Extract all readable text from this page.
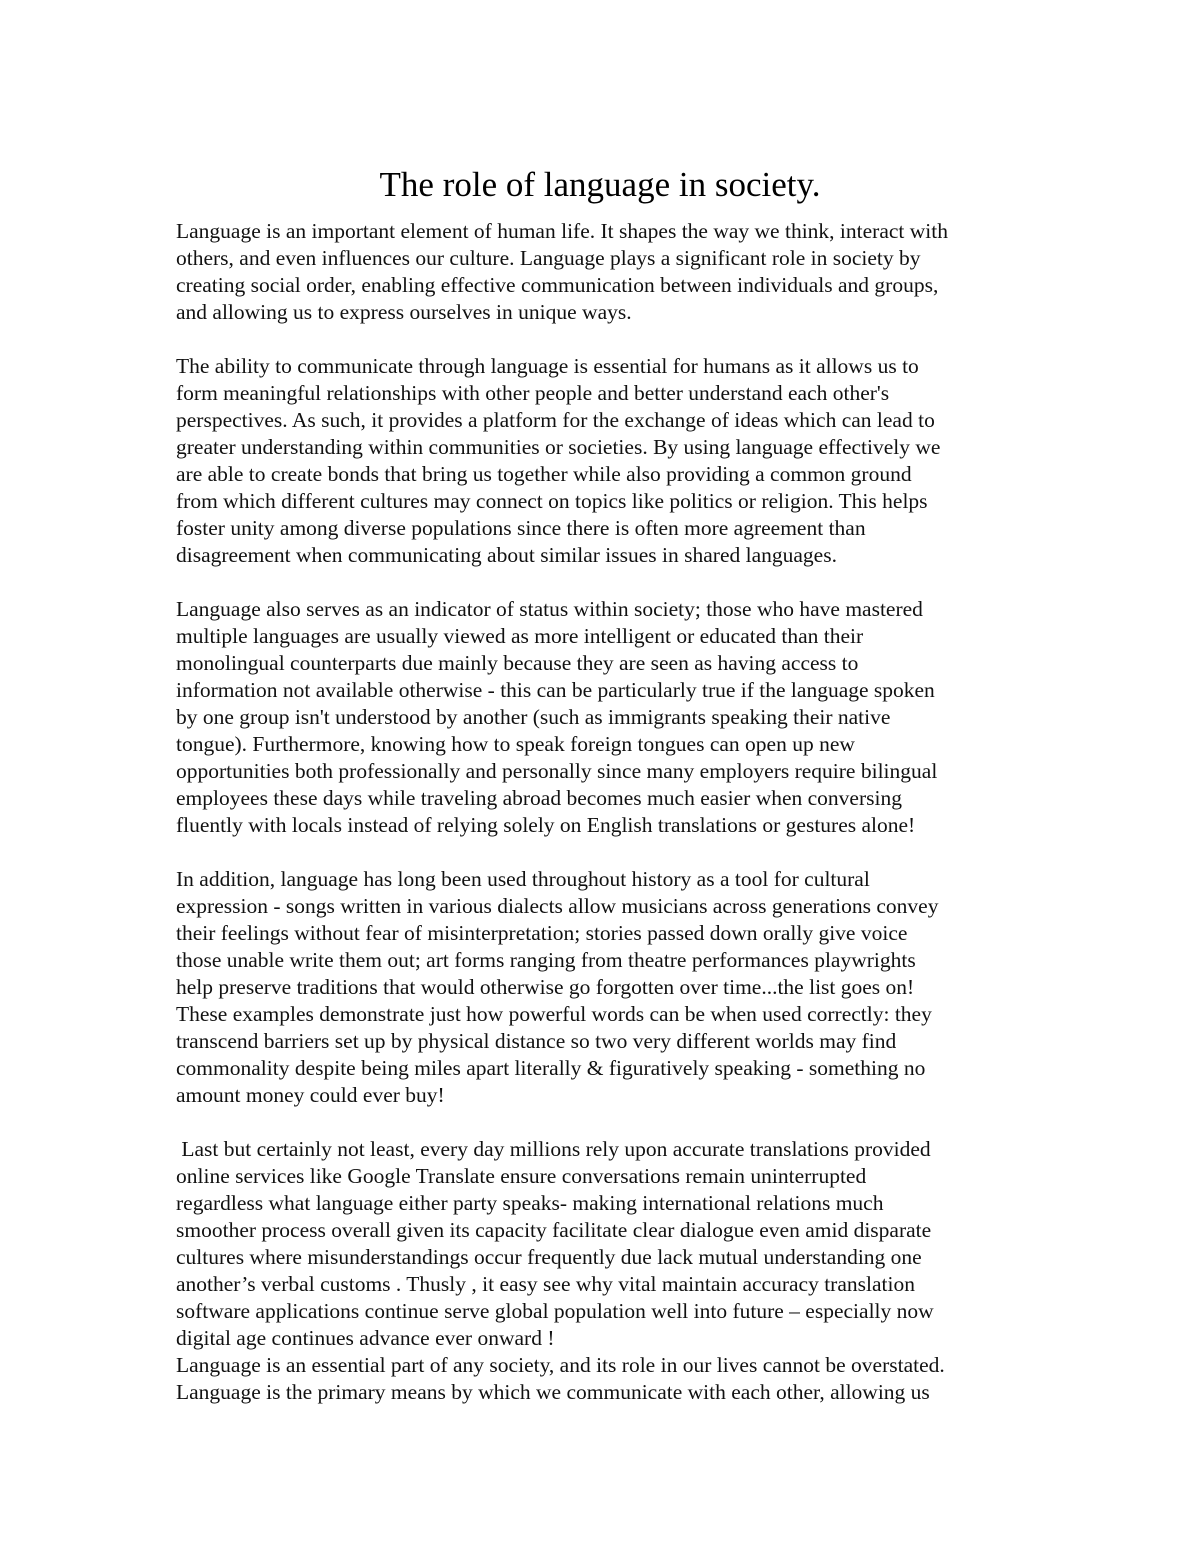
The role of language in society.
Language is an important element of human life. It shapes the way we think, interact with
others, and even influences our culture. Language plays a significant role in society by
creating social order, enabling effective communication between individuals and groups,
and allowing us to express ourselves in unique ways.
The ability to communicate through language is essential for humans as it allows us to
form meaningful relationships with other people and better understand each other's
perspectives. As such, it provides a platform for the exchange of ideas which can lead to
greater understanding within communities or societies. By using language effectively we
are able to create bonds that bring us together while also providing a common ground
from which different cultures may connect on topics like politics or religion. This helps
foster unity among diverse populations since there is often more agreement than
disagreement when communicating about similar issues in shared languages.
Language also serves as an indicator of status within society; those who have mastered
multiple languages are usually viewed as more intelligent or educated than their
monolingual counterparts due mainly because they are seen as having access to
information not available otherwise - this can be particularly true if the language spoken
by one group isn't understood by another (such as immigrants speaking their native
tongue). Furthermore, knowing how to speak foreign tongues can open up new
opportunities both professionally and personally since many employers require bilingual
employees these days while traveling abroad becomes much easier when conversing
fluently with locals instead of relying solely on English translations or gestures alone!
In addition, language has long been used throughout history as a tool for cultural
expression - songs written in various dialects allow musicians across generations convey
their feelings without fear of misinterpretation; stories passed down orally give voice
those unable write them out; art forms ranging from theatre performances playwrights
help preserve traditions that would otherwise go forgotten over time...the list goes on!
These examples demonstrate just how powerful words can be when used correctly: they
transcend barriers set up by physical distance so two very different worlds may find
commonality despite being miles apart literally & figuratively speaking - something no
amount money could ever buy!
Last but certainly not least, every day millions rely upon accurate translations provided
online services like Google Translate ensure conversations remain uninterrupted
regardless what language either party speaks- making international relations much
smoother process overall given its capacity facilitate clear dialogue even amid disparate
cultures where misunderstandings occur frequently due lack mutual understanding one
another’s verbal customs . Thusly , it easy see why vital maintain accuracy translation
software applications continue serve global population well into future – especially now
digital age continues advance ever onward !
Language is an essential part of any society, and its role in our lives cannot be overstated.
Language is the primary means by which we communicate with each other, allowing us
